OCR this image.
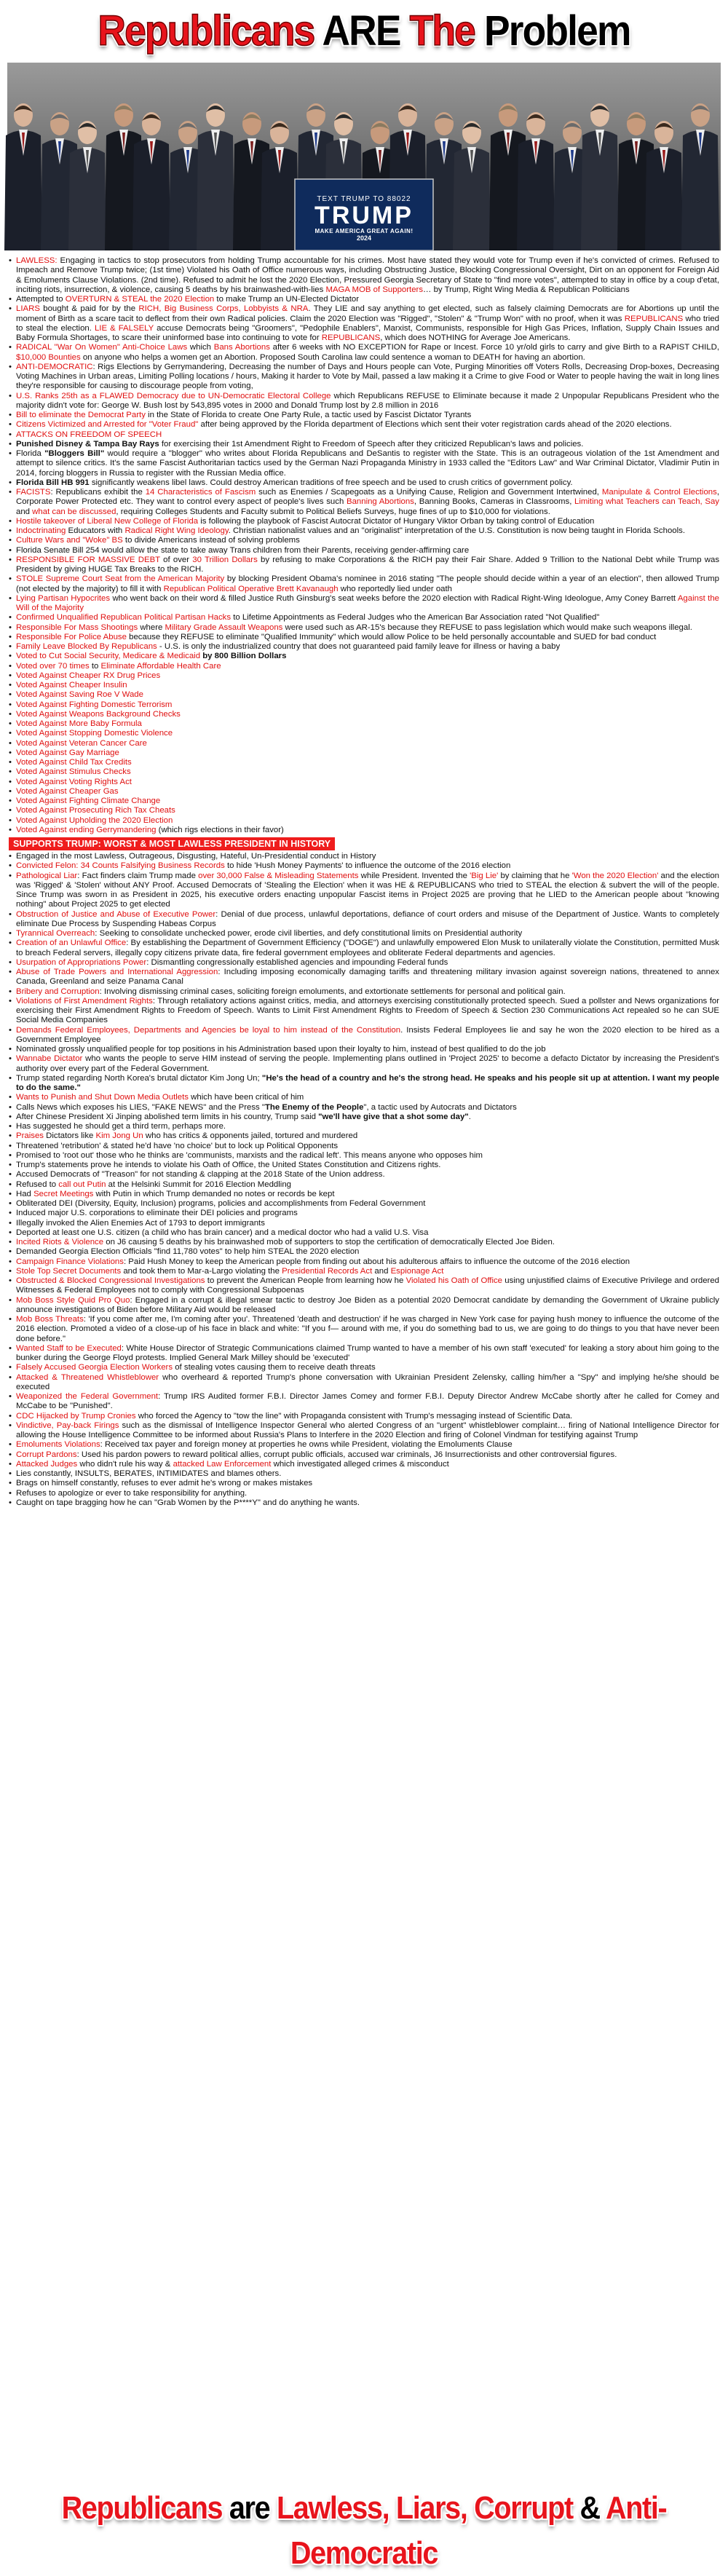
Republicans ARE The Problem
TEXT TRUMP TO 88022
TRUMP
MAKE AMERICA GREAT AGAIN!
2024
• LAWLESS: Engaging in tactics to stop prosecutors from holding Trump accountable for his crimes. Most have stated they would vote for Trump even if he's convicted of crimes. Refused to Impeach and Remove Trump twice; (1st time) Violated his Oath of Office numerous ways, including Obstructing Justice, Blocking Congressional Oversight, Dirt on an opponent for Foreign Aid & Emoluments Clause Violations. (2nd time). Refused to admit he lost the 2020 Election, Pressured Georgia Secretary of State to "find more votes", attempted to stay in office by a coup d'etat, inciting riots, insurrection, & violence, causing 5 deaths by his brainwashed-with-lies MAGA MOB of Supporters… by Trump, Right Wing Media & Republican Politicians
• Attempted to OVERTURN & STEAL the 2020 Election to make Trump an UN-Elected Dictator
• LIARS bought & paid for by the RICH, Big Business Corps, Lobbyists & NRA. They LIE and say anything to get elected, such as falsely claiming Democrats are for Abortions up until the moment of Birth as a scare tacit to deflect from their own Radical policies. Claim the 2020 Election was "Rigged", "Stolen" & "Trump Won" with no proof, when it was REPUBLICANS who tried to steal the election. LIE & FALSELY accuse Democrats being "Groomers", "Pedophile Enablers", Marxist, Communists, responsible for High Gas Prices, Inflation, Supply Chain Issues and Baby Formula Shortages, to scare their uninformed base into continuing to vote for REPUBLICANS, which does NOTHING for Average Joe Americans.
• RADICAL "War On Women" Anti-Choice Laws which Bans Abortions after 6 weeks with NO EXCEPTION for Rape or Incest. Force 10 yr/old girls to carry and give Birth to a RAPIST CHILD, $10,000 Bounties on anyone who helps a women get an Abortion. Proposed South Carolina law could sentence a woman to DEATH for having an abortion.
• ANTI-DEMOCRATIC: Rigs Elections by Gerrymandering, Decreasing the number of Days and Hours people can Vote, Purging Minorities off Voters Rolls, Decreasing Drop-boxes, Decreasing Voting Machines in Urban areas, Limiting Polling locations / hours, Making it harder to Vote by Mail, passed a law making it a Crime to give Food or Water to people having the wait in long lines they're responsible for causing to discourage people from voting,
• U.S. Ranks 25th as a FLAWED Democracy due to UN-Democratic Electoral College which Republicans REFUSE to Eliminate because it made 2 Unpopular Republicans President who the majority didn't vote for: George W. Bush lost by 543,895 votes in 2000 and Donald Trump lost by 2.8 million in 2016
• Bill to eliminate the Democrat Party in the State of Florida to create One Party Rule, a tactic used by Fascist Dictator Tyrants
• Citizens Victimized and Arrested for "Voter Fraud" after being approved by the Florida department of Elections which sent their voter registration cards ahead of the 2020 elections.
• ATTACKS ON FREEDOM OF SPEECH
• Punished Disney & Tampa Bay Rays for exercising their 1st Amendment Right to Freedom of Speech after they criticized Republican's laws and policies.
• Florida "Bloggers Bill" would require a "blogger" who writes about Florida Republicans and DeSantis to register with the State. This is an outrageous violation of the 1st Amendment and attempt to silence critics. It's the same Fascist Authoritarian tactics used by the German Nazi Propaganda Ministry in 1933 called the "Editors Law" and War Criminal Dictator, Vladimir Putin in 2014, forcing bloggers in Russia to register with the Russian Media office.
• Florida Bill HB 991 significantly weakens libel laws. Could destroy American traditions of free speech and be used to crush critics of government policy.
• FACISTS: Republicans exhibit the 14 Characteristics of Fascism such as Enemies / Scapegoats as a Unifying Cause, Religion and Government Intertwined, Manipulate & Control Elections, Corporate Power Protected etc. They want to control every aspect of people's lives such Banning Abortions, Banning Books, Cameras in Classrooms, Limiting what Teachers can Teach, Say and what can be discussed, requiring Colleges Students and Faculty submit to Political Beliefs Surveys, huge fines of up to $10,000 for violations.
• Hostile takeover of Liberal New College of Florida is following the playbook of Fascist Autocrat Dictator of Hungary Viktor Orban by taking control of Education
• Indoctrinating Educators with Radical Right Wing Ideology. Christian nationalist values and an "originalist" interpretation of the U.S. Constitution is now being taught in Florida Schools.
• Culture Wars and "Woke" BS to divide Americans instead of solving problems
• Florida Senate Bill 254 would allow the state to take away Trans children from their Parents, receiving gender-affirming care
• RESPONSIBLE FOR MASSIVE DEBT of over 30 Trillion Dollars by refusing to make Corporations & the RICH pay their Fair Share. Added 9 Trillion to the National Debt while Trump was President by giving HUGE Tax Breaks to the RICH.
• STOLE Supreme Court Seat from the American Majority by blocking President Obama's nominee in 2016 stating "The people should decide within a year of an election", then allowed Trump (not elected by the majority) to fill it with Republican Political Operative Brett Kavanaugh who reportedly lied under oath
• Lying Partisan Hypocrites who went back on their word & filled Justice Ruth Ginsburg's seat weeks before the 2020 election with Radical Right-Wing Ideologue, Amy Coney Barrett Against the Will of the Majority
• Confirmed Unqualified Republican Political Partisan Hacks to Lifetime Appointments as Federal Judges who the American Bar Association rated "Not Qualified"
• Responsible For Mass Shootings where Military Grade Assault Weapons were used such as AR-15's because they REFUSE to pass legislation which would make such weapons illegal.
• Responsible For Police Abuse because they REFUSE to eliminate "Qualified Immunity" which would allow Police to be held personally accountable and SUED for bad conduct
• Family Leave Blocked By Republicans - U.S. is only the industrialized country that does not guaranteed paid family leave for illness or having a baby
• Voted to Cut Social Security, Medicare & Medicaid by 800 Billion Dollars
• Voted over 70 times to Eliminate Affordable Health Care
• Voted Against Cheaper RX Drug Prices
• Voted Against Cheaper Insulin
• Voted Against Saving Roe V Wade
• Voted Against Fighting Domestic Terrorism
• Voted Against Weapons Background Checks
• Voted Against More Baby Formula
• Voted Against Stopping Domestic Violence
• Voted Against Veteran Cancer Care
• Voted Against Gay Marriage
• Voted Against Child Tax Credits
• Voted Against Stimulus Checks
• Voted Against Voting Rights Act
• Voted Against Cheaper Gas
• Voted Against Fighting Climate Change
• Voted Against Prosecuting Rich Tax Cheats
• Voted Against Upholding the 2020 Election
• Voted Against ending Gerrymandering (which rigs elections in their favor)
SUPPORTS TRUMP: WORST & MOST LAWLESS PRESIDENT IN HISTORY
• Engaged in the most Lawless, Outrageous, Disgusting, Hateful, Un-Presidential conduct in History
• Convicted Felon: 34 Counts Falsifying Business Records to hide 'Hush Money Payments' to influence the outcome of the 2016 election
• Pathological Liar: Fact finders claim Trump made over 30,000 False & Misleading Statements while President. Invented the 'Big Lie' by claiming that he 'Won the 2020 Election' and the election was 'Rigged' & 'Stolen' without ANY Proof. Accused Democrats of 'Stealing the Election' when it was HE & REPUBLICANS who tried to STEAL the election & subvert the will of the people. Since Trump was sworn in as President in 2025, his executive orders enacting unpopular Fascist items in Project 2025 are proving that he LIED to the American people about "knowing nothing" about Project 2025 to get elected
• Obstruction of Justice and Abuse of Executive Power: Denial of due process, unlawful deportations, defiance of court orders and misuse of the Department of Justice. Wants to completely eliminate Due Process by Suspending Habeas Corpus
• Tyrannical Overreach: Seeking to consolidate unchecked power, erode civil liberties, and defy constitutional limits on Presidential authority
• Creation of an Unlawful Office: By establishing the Department of Government Efficiency ("DOGE") and unlawfully empowered Elon Musk to unilaterally violate the Constitution, permitted Musk to breach Federal servers, illegally copy citizens private data, fire federal government employees and obliterate Federal departments and agencies.
• Usurpation of Appropriations Power: Dismantling congressionally established agencies and impounding Federal funds
• Abuse of Trade Powers and International Aggression: Including imposing economically damaging tariffs and threatening military invasion against sovereign nations, threatened to annex Canada, Greenland and seize Panama Canal
• Bribery and Corruption: Involving dismissing criminal cases, soliciting foreign emoluments, and extortionate settlements for personal and political gain.
• Violations of First Amendment Rights: Through retaliatory actions against critics, media, and attorneys exercising constitutionally protected speech. Sued a pollster and News organizations for exercising their First Amendment Rights to Freedom of Speech. Wants to Limit First Amendment Rights to Freedom of Speech & Section 230 Communications Act repealed so he can SUE Social Media Companies
• Demands Federal Employees, Departments and Agencies be loyal to him instead of the Constitution. Insists Federal Employees lie and say he won the 2020 election to be hired as a Government Employee
• Nominated grossly unqualified people for top positions in his Administration based upon their loyalty to him, instead of best qualified to do the job
• Wannabe Dictator who wants the people to serve HIM instead of serving the people. Implementing plans outlined in 'Project 2025' to become a defacto Dictator by increasing the President's authority over every part of the Federal Government.
• Trump stated regarding North Korea's brutal dictator Kim Jong Un; "He's the head of a country and he's the strong head. He speaks and his people sit up at attention. I want my people to do the same."
• Wants to Punish and Shut Down Media Outlets which have been critical of him
• Calls News which exposes his LIES, "FAKE NEWS" and the Press "The Enemy of the People", a tactic used by Autocrats and Dictators
• After Chinese President Xi Jinping abolished term limits in his country, Trump said "we'll have give that a shot some day".
• Has suggested he should get a third term, perhaps more.
• Praises Dictators like Kim Jong Un who has critics & opponents jailed, tortured and murdered
• Threatened 'retribution' & stated he'd have 'no choice' but to lock up Political Opponents
• Promised to 'root out' those who he thinks are 'communists, marxists and the radical left'. This means anyone who opposes him
• Trump's statements prove he intends to violate his Oath of Office, the United States Constitution and Citizens rights.
• Accused Democrats of "Treason" for not standing & clapping at the 2018 State of the Union address.
• Refused to call out Putin at the Helsinki Summit for 2016 Election Meddling
• Had Secret Meetings with Putin in which Trump demanded no notes or records be kept
• Obliterated DEI (Diversity, Equity, Inclusion) programs, policies and accomplishments from Federal Government
• Induced major U.S. corporations to eliminate their DEI policies and programs
• Illegally invoked the Alien Enemies Act of 1793 to deport immigrants
• Deported at least one U.S. citizen (a child who has brain cancer) and a medical doctor who had a valid U.S. Visa
• Incited Riots & Violence on J6 causing 5 deaths by his brainwashed mob of supporters to stop the certification of democratically Elected Joe Biden.
• Demanded Georgia Election Officials "find 11,780 votes" to help him STEAL the 2020 election
• Campaign Finance Violations: Paid Hush Money to keep the American people from finding out about his adulterous affairs to influence the outcome of the 2016 election
• Stole Top Secret Documents and took them to Mar-a-Largo violating the Presidential Records Act and Espionage Act
• Obstructed & Blocked Congressional Investigations to prevent the American People from learning how he Violated his Oath of Office using unjustified claims of Executive Privilege and ordered Witnesses & Federal Employees not to comply with Congressional Subpoenas
• Mob Boss Style Quid Pro Quo: Engaged in a corrupt & illegal smear tactic to destroy Joe Biden as a potential 2020 Democrat candidate by demanding the Government of Ukraine publicly announce investigations of Biden before Military Aid would be released
• Mob Boss Threats: 'If you come after me, I'm coming after you'. Threatened 'death and destruction' if he was charged in New York case for paying hush money to influence the outcome of the 2016 election. Promoted a video of a close-up of his face in black and white: "If you f— around with me, if you do something bad to us, we are going to do things to you that have never been done before."
• Wanted Staff to be Executed: White House Director of Strategic Communications claimed Trump wanted to have a member of his own staff 'executed' for leaking a story about him going to the bunker during the George Floyd protests. Implied General Mark Milley should be 'executed'
• Falsely Accused Georgia Election Workers of stealing votes causing them to receive death threats
• Attacked & Threatened Whistleblower who overheard & reported Trump's phone conversation with Ukrainian President Zelensky, calling him/her a "Spy" and implying he/she should be executed
• Weaponized the Federal Government: Trump IRS Audited former F.B.I. Director James Comey and former F.B.I. Deputy Director Andrew McCabe shortly after he called for Comey and McCabe to be "Punished".
• CDC Hijacked by Trump Cronies who forced the Agency to "tow the line" with Propaganda consistent with Trump's messaging instead of Scientific Data.
• Vindictive, Pay-back Firings such as the dismissal of Intelligence Inspector General who alerted Congress of an "urgent" whistleblower complaint… firing of National Intelligence Director for allowing the House Intelligence Committee to be informed about Russia's Plans to Interfere in the 2020 Election and firing of Colonel Vindman for testifying against Trump
• Emoluments Violations: Received tax payer and foreign money at properties he owns while President, violating the Emoluments Clause
• Corrupt Pardons: Used his pardon powers to reward political allies, corrupt public officials, accused war criminals, J6 Insurrectionists and other controversial figures.
• Attacked Judges who didn't rule his way & attacked Law Enforcement which investigated alleged crimes & misconduct
• Lies constantly, INSULTS, BERATES, INTIMIDATES and blames others.
• Brags on himself constantly, refuses to ever admit he's wrong or makes mistakes
• Refuses to apologize or ever to take responsibility for anything.
• Caught on tape bragging how he can "Grab Women by the P****Y" and do anything he wants.
Republicans are Lawless, Liars, Corrupt & Anti-Democratic
